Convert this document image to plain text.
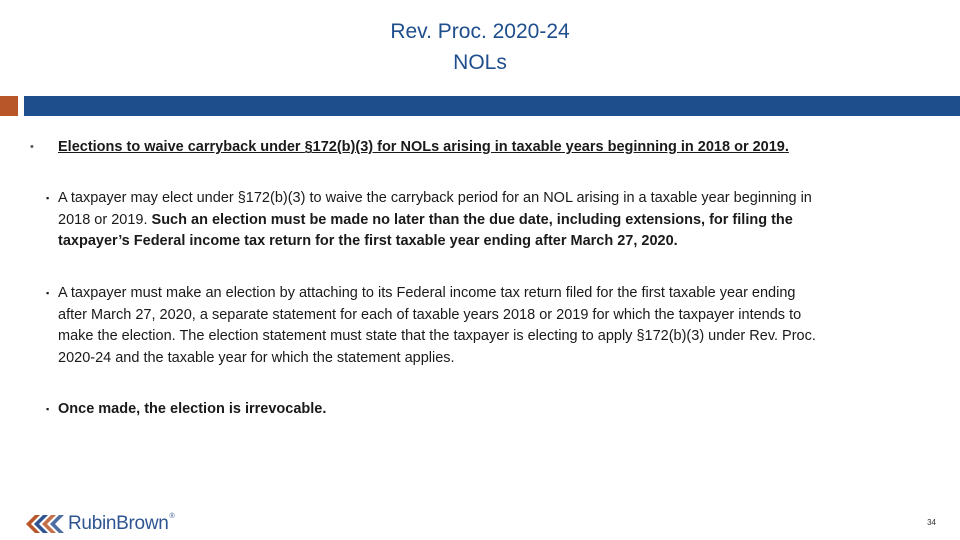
Rev. Proc. 2020-24
NOLs
• Elections to waive carryback under §172(b)(3) for NOLs arising in taxable years beginning in 2018 or 2019.
▪ A taxpayer may elect under §172(b)(3) to waive the carryback period for an NOL arising in a taxable year beginning in 2018 or 2019. Such an election must be made no later than the due date, including extensions, for filing the taxpayer’s Federal income tax return for the first taxable year ending after March 27, 2020.
▪ A taxpayer must make an election by attaching to its Federal income tax return filed for the first taxable year ending after March 27, 2020, a separate statement for each of taxable years 2018 or 2019 for which the taxpayer intends to make the election. The election statement must state that the taxpayer is electing to apply §172(b)(3) under Rev. Proc. 2020-24 and the taxable year for which the statement applies.
▪ Once made, the election is irrevocable.
RubinBrown®
34
